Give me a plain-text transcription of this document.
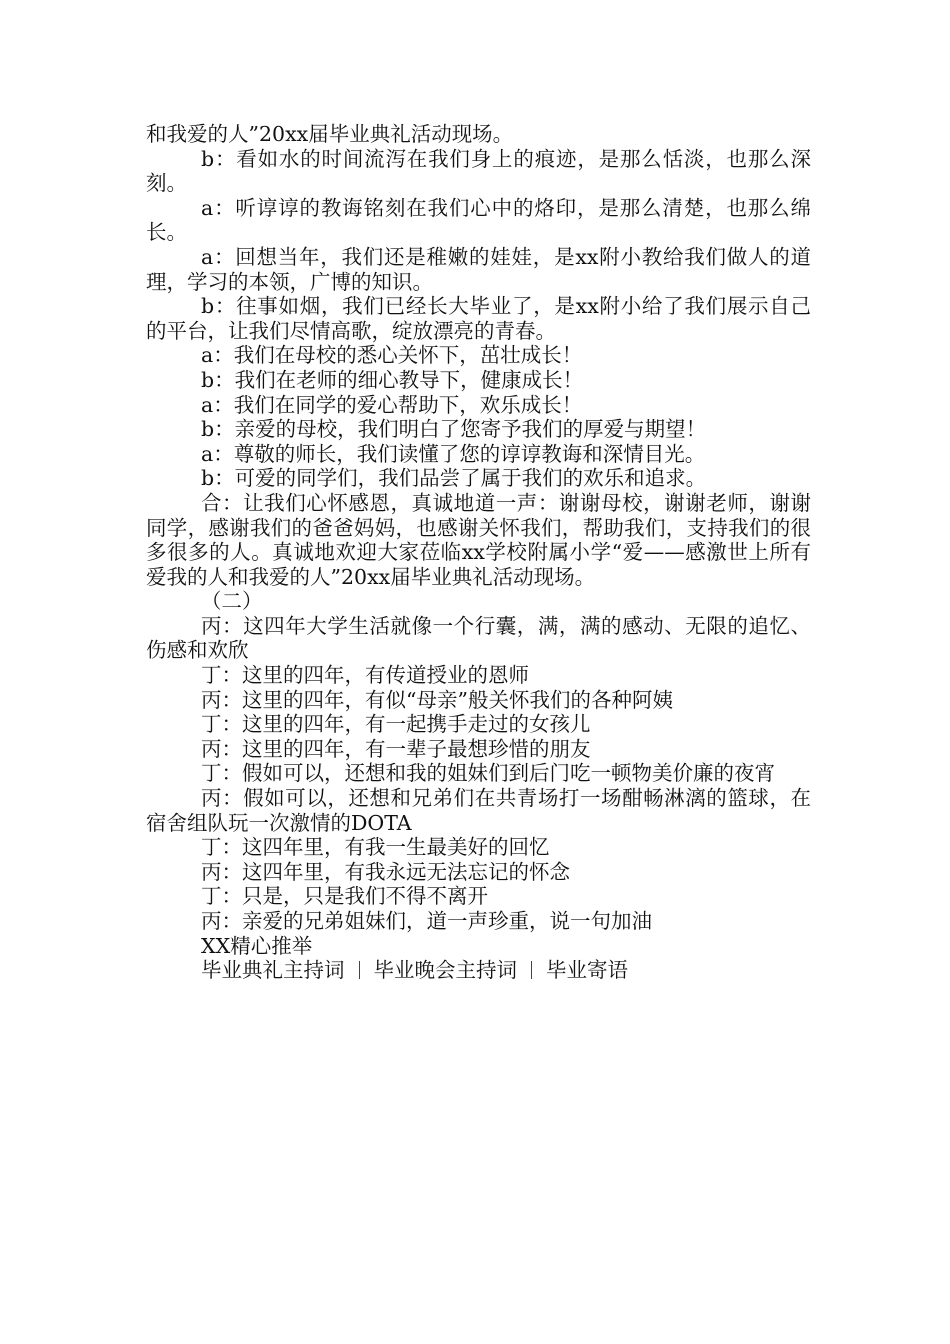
和我爱的人”20xx届毕业典礼活动现场。

b：看如水的时间流泻在我们身上的痕迹，是那么恬淡，也那么深刻。

a：听谆谆的教诲铭刻在我们心中的烙印，是那么清楚，也那么绵长。

a：回想当年，我们还是稚嫩的娃娃，是xx附小教给我们做人的道理，学习的本领，广博的知识。

b：往事如烟，我们已经长大毕业了，是xx附小给了我们展示自己的平台，让我们尽情高歌，绽放漂亮的青春。

a：我们在母校的悉心关怀下，茁壮成长！

b：我们在老师的细心教导下，健康成长！

a：我们在同学的爱心帮助下，欢乐成长！

b：亲爱的母校，我们明白了您寄予我们的厚爱与期望！

a：尊敬的师长，我们读懂了您的谆谆教诲和深情目光。

b：可爱的同学们，我们品尝了属于我们的欢乐和追求。

合：让我们心怀感恩，真诚地道一声：谢谢母校，谢谢老师，谢谢同学，感谢我们的爸爸妈妈，也感谢关怀我们，帮助我们，支持我们的很多很多的人。真诚地欢迎大家莅临xx学校附属小学“爱——感激世上所有爱我的人和我爱的人”20xx届毕业典礼活动现场。

（二）

丙：这四年大学生活就像一个行囊，满，满的感动、无限的追忆、伤感和欢欣

丁：这里的四年，有传道授业的恩师

丙：这里的四年，有似“母亲”般关怀我们的各种阿姨

丁：这里的四年，有一起携手走过的女孩儿

丙：这里的四年，有一辈子最想珍惜的朋友

丁：假如可以，还想和我的姐妹们到后门吃一顿物美价廉的夜宵

丙：假如可以，还想和兄弟们在共青场打一场酣畅淋漓的篮球，在宿舍组队玩一次激情的DOTA

丁：这四年里，有我一生最美好的回忆

丙：这四年里，有我永远无法忘记的怀念

丁：只是，只是我们不得不离开

丙：亲爱的兄弟姐妹们，道一声珍重，说一句加油

XX精心推举

毕业典礼主持词 毕业晚会主持词 毕业寄语
